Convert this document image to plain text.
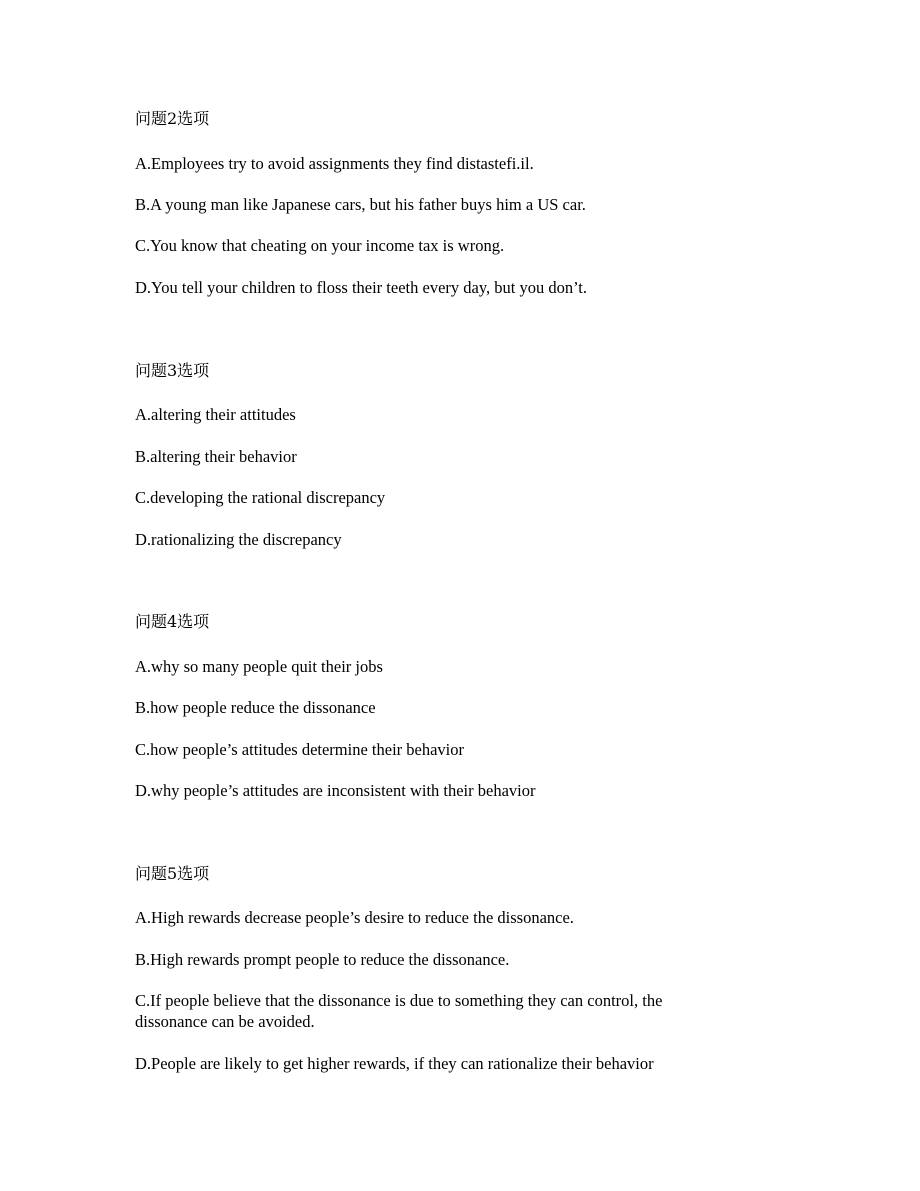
问题2选项
A.Employees try to avoid assignments they find distastefi.il.
B.A young man like Japanese cars, but his father buys him a US car.
C.You know that cheating on your income tax is wrong.
D.You tell your children to floss their teeth every day, but you don’t.
问题3选项
A.altering their attitudes
B.altering their behavior
C.developing the rational discrepancy
D.rationalizing the discrepancy
问题4选项
A.why so many people quit their jobs
B.how people reduce the dissonance
C.how people’s attitudes determine their behavior
D.why people’s attitudes are inconsistent with their behavior
问题5选项
A.High rewards decrease people’s desire to reduce the dissonance.
B.High rewards prompt people to reduce the dissonance.
C.If people believe that the dissonance is due to something they can control, the dissonance can be avoided.
D.People are likely to get higher rewards, if they can rationalize their behavior
